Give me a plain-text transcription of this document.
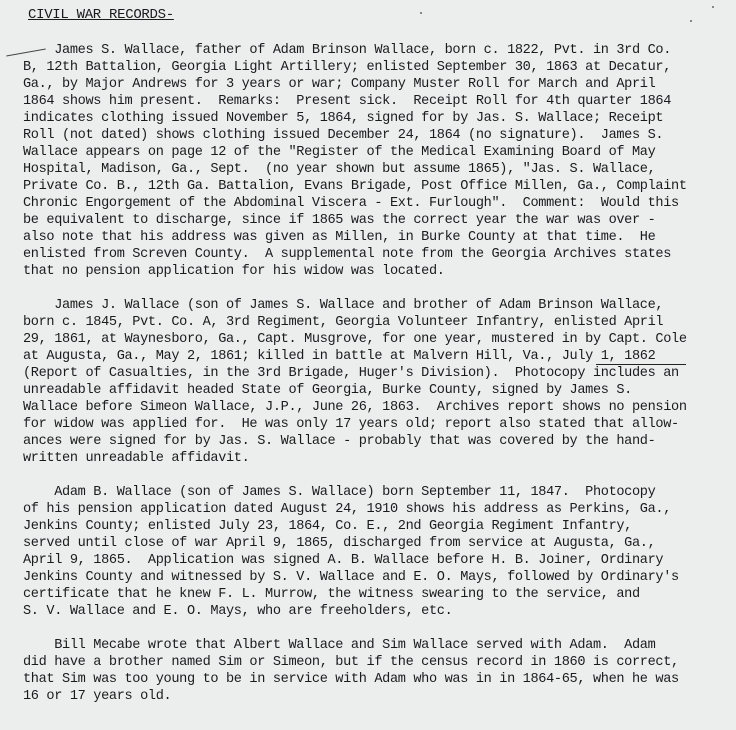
CIVIL WAR RECORDS-
James S. Wallace, father of Adam Brinson Wallace, born c. 1822, Pvt. in 3rd Co.
B, 12th Battalion, Georgia Light Artillery; enlisted September 30, 1863 at Decatur,
Ga., by Major Andrews for 3 years or war; Company Muster Roll for March and April
1864 shows him present.  Remarks:  Present sick.  Receipt Roll for 4th quarter 1864
indicates clothing issued November 5, 1864, signed for by Jas. S. Wallace; Receipt
Roll (not dated) shows clothing issued December 24, 1864 (no signature).  James S.
Wallace appears on page 12 of the "Register of the Medical Examining Board of May
Hospital, Madison, Ga., Sept.  (no year shown but assume 1865), "Jas. S. Wallace,
Private Co. B., 12th Ga. Battalion, Evans Brigade, Post Office Millen, Ga., Complaint
Chronic Engorgement of the Abdominal Viscera - Ext. Furlough".  Comment:  Would this
be equivalent to discharge, since if 1865 was the correct year the war was over -
also note that his address was given as Millen, in Burke County at that time.  He
enlisted from Screven County.  A supplemental note from the Georgia Archives states
that no pension application for his widow was located.
James J. Wallace (son of James S. Wallace and brother of Adam Brinson Wallace,
born c. 1845, Pvt. Co. A, 3rd Regiment, Georgia Volunteer Infantry, enlisted April
29, 1861, at Waynesboro, Ga., Capt. Musgrove, for one year, mustered in by Capt. Cole
at Augusta, Ga., May 2, 1861; killed in battle at Malvern Hill, Va., July 1, 1862
(Report of Casualties, in the 3rd Brigade, Huger's Division).  Photocopy includes an
unreadable affidavit headed State of Georgia, Burke County, signed by James S.
Wallace before Simeon Wallace, J.P., June 26, 1863.  Archives report shows no pension
for widow was applied for.  He was only 17 years old; report also stated that allow-
ances were signed for by Jas. S. Wallace - probably that was covered by the hand-
written unreadable affidavit.
Adam B. Wallace (son of James S. Wallace) born September 11, 1847.  Photocopy
of his pension application dated August 24, 1910 shows his address as Perkins, Ga.,
Jenkins County; enlisted July 23, 1864, Co. E., 2nd Georgia Regiment Infantry,
served until close of war April 9, 1865, discharged from service at Augusta, Ga.,
April 9, 1865.  Application was signed A. B. Wallace before H. B. Joiner, Ordinary
Jenkins County and witnessed by S. V. Wallace and E. O. Mays, followed by Ordinary's
certificate that he knew F. L. Murrow, the witness swearing to the service, and
S. V. Wallace and E. O. Mays, who are freeholders, etc.
Bill Mecabe wrote that Albert Wallace and Sim Wallace served with Adam.  Adam
did have a brother named Sim or Simeon, but if the census record in 1860 is correct,
that Sim was too young to be in service with Adam who was in in 1864-65, when he was
16 or 17 years old.
